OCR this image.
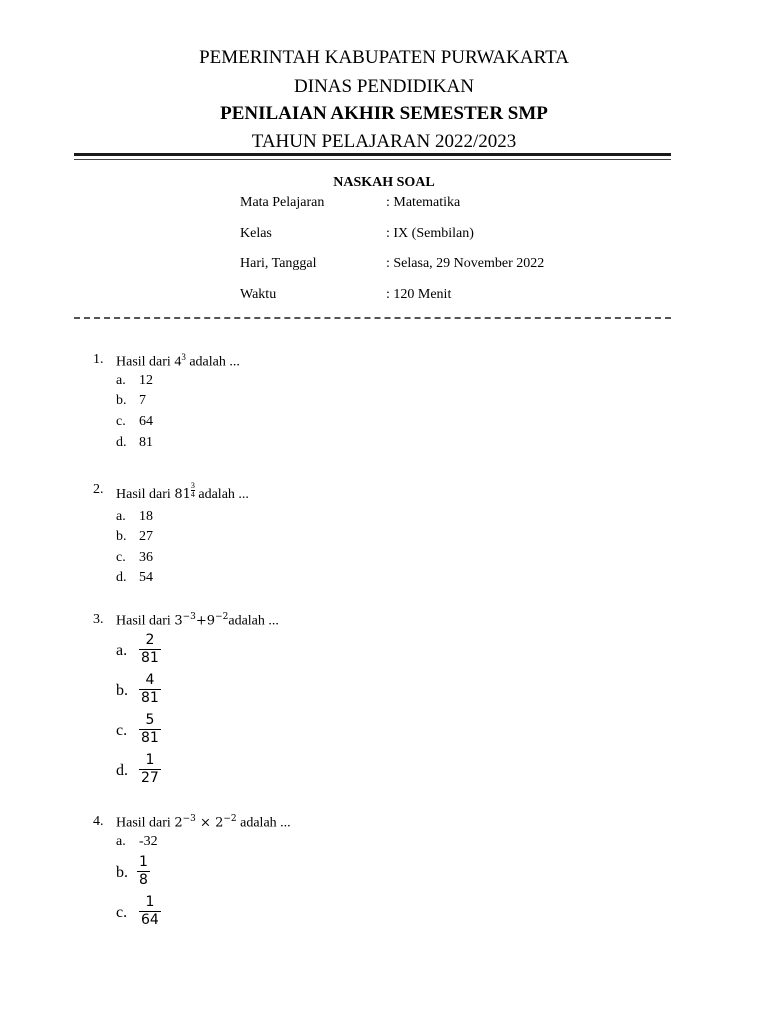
PEMERINTAH KABUPATEN PURWAKARTA
DINAS PENDIDIKAN
PENILAIAN AKHIR SEMESTER SMP
TAHUN PELAJARAN 2022/2023
NASKAH SOAL
Mata Pelajaran	: Matematika
Kelas	: IX (Sembilan)
Hari, Tanggal	: Selasa, 29 November 2022
Waktu	: 120 Menit
1. Hasil dari $4^3$ adalah ...
a. 12
b. 7
c. 64
d. 81
2. Hasil dari $81 \frac{3}{4}$ adalah ...
a. 18
b. 27
c. 36
d. 54
3. Hasil dari $3^{-3}+9^{-2}adalah$ ...
a. $\frac{2}{81}$
b. $\frac{4}{81}$
c. $\frac{5}{81}$
d. $\frac{1}{27}$
4. Hasil dari $2^{-3} \times 2^{-2}$ adalah ...
a. -32
b. $\frac{1}{8}$
c. $\frac{1}{64}$
